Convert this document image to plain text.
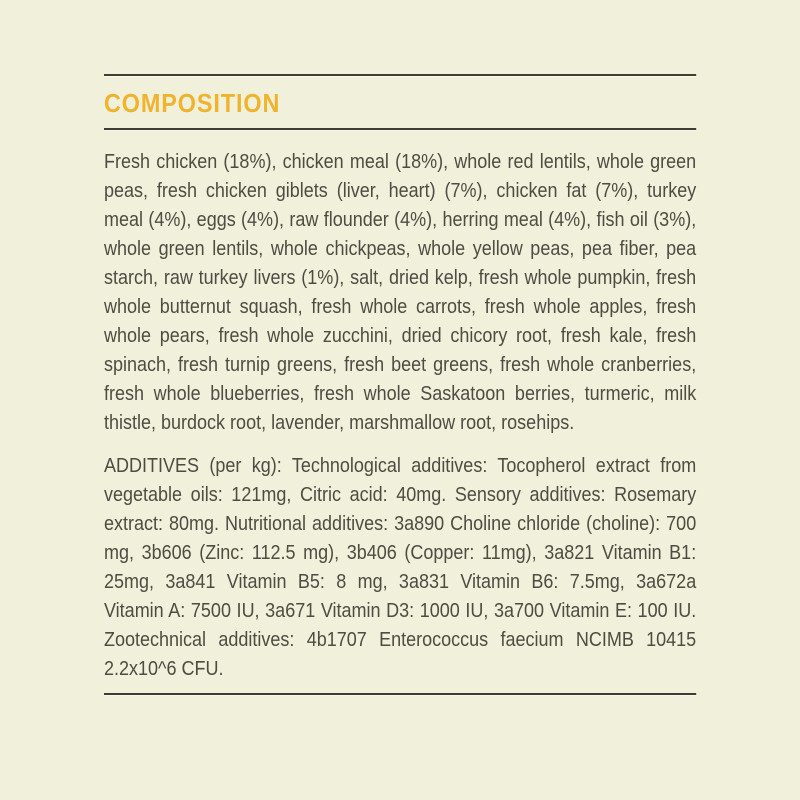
COMPOSITION

Fresh chicken (18%), chicken meal (18%), whole red lentils, whole green peas, fresh chicken giblets (liver, heart) (7%), chicken fat (7%), turkey meal (4%), eggs (4%), raw flounder (4%), herring meal (4%), fish oil (3%), whole green lentils, whole chickpeas, whole yellow peas, pea fiber, pea starch, raw turkey livers (1%), salt, dried kelp, fresh whole pumpkin, fresh whole butternut squash, fresh whole carrots, fresh whole apples, fresh whole pears, fresh whole zucchini, dried chicory root, fresh kale, fresh spinach, fresh turnip greens, fresh beet greens, fresh whole cranberries, fresh whole blueberries, fresh whole Saskatoon berries, turmeric, milk thistle, burdock root, lavender, marshmallow root, rosehips.

ADDITIVES (per kg): Technological additives: Tocopherol extract from vegetable oils: 121mg, Citric acid: 40mg. Sensory additives: Rosemary extract: 80mg. Nutritional additives: 3a890 Choline chloride (choline): 700 mg, 3b606 (Zinc: 112.5 mg), 3b406 (Copper: 11mg), 3a821 Vitamin B1: 25mg, 3a841 Vitamin B5: 8 mg, 3a831 Vitamin B6: 7.5mg, 3a672a Vitamin A: 7500 IU, 3a671 Vitamin D3: 1000 IU, 3a700 Vitamin E: 100 IU. Zootechnical additives: 4b1707 Enterococcus faecium NCIMB 10415 2.2x10^6 CFU.
